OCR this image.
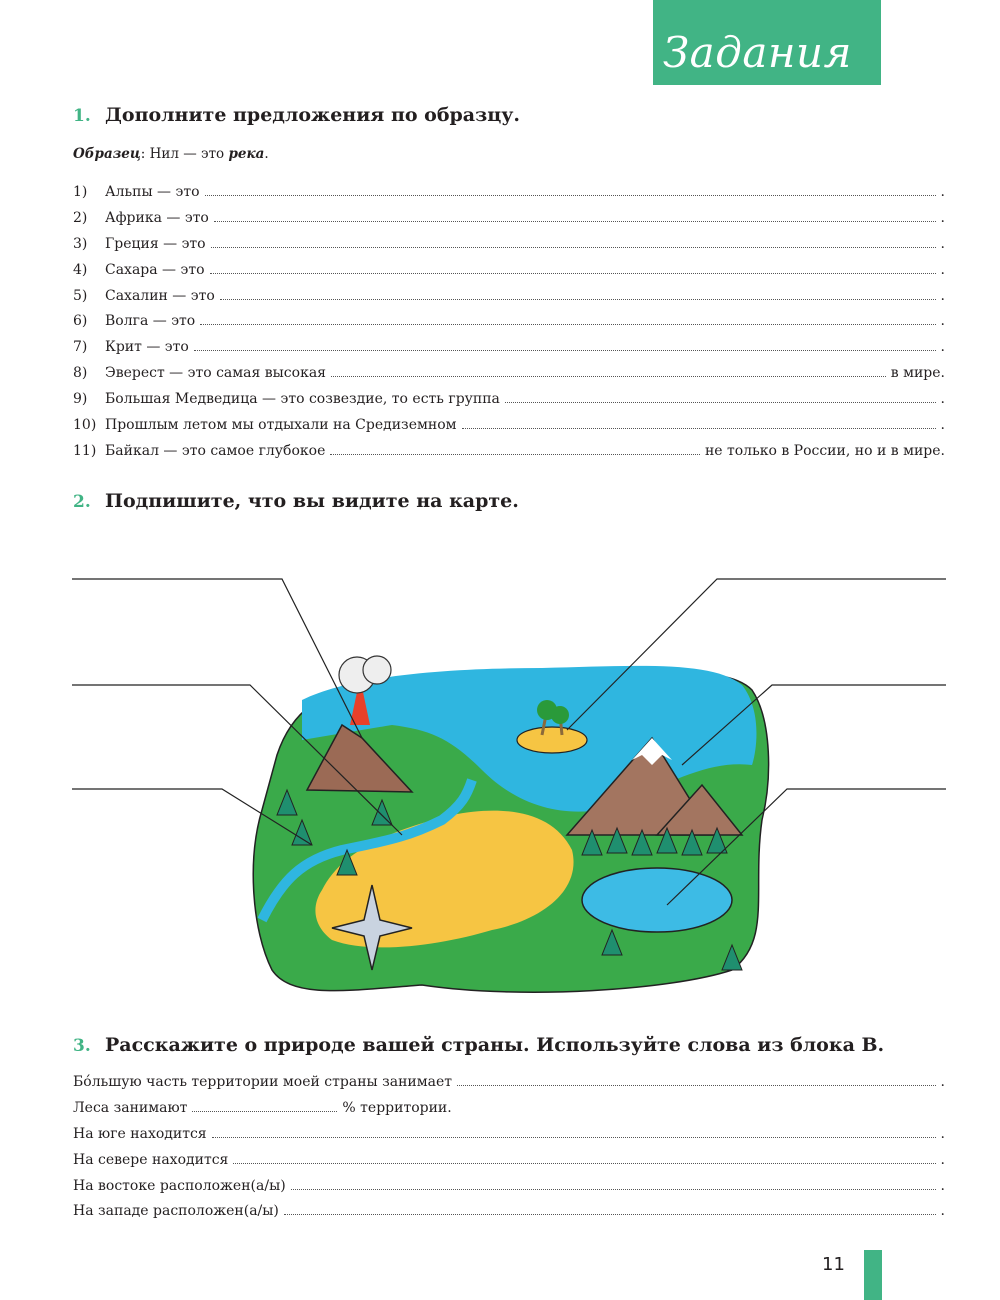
Задания
1. Дополните предложения по образцу.
Образец: Нил — это река.
1)	Альпы — это	.
2)	Африка — это	.
3)	Греция — это	.
4)	Сахара — это	.
5)	Сахалин — это	.
6)	Волга — это	.
7)	Крит — это	.
8)	Эверест — это самая высокая	в мире.
9)	Большая Медведица — это созвездие, то есть группа	.
10) Прошлым летом мы отдыхали на Средиземном	.
11) Байкал — это самое глубокое	не только в России, но и в мире.
2. Подпишите, что вы видите на карте.
3. Расскажите о природе вашей страны. Используйте слова из блока В.
Бóльшую часть территории моей страны занимает	.
Леса занимают	% территории.
На юге находится	.
На севере находится	.
На востоке расположен(а/ы)	.
На западе расположен(а/ы)	.
11
